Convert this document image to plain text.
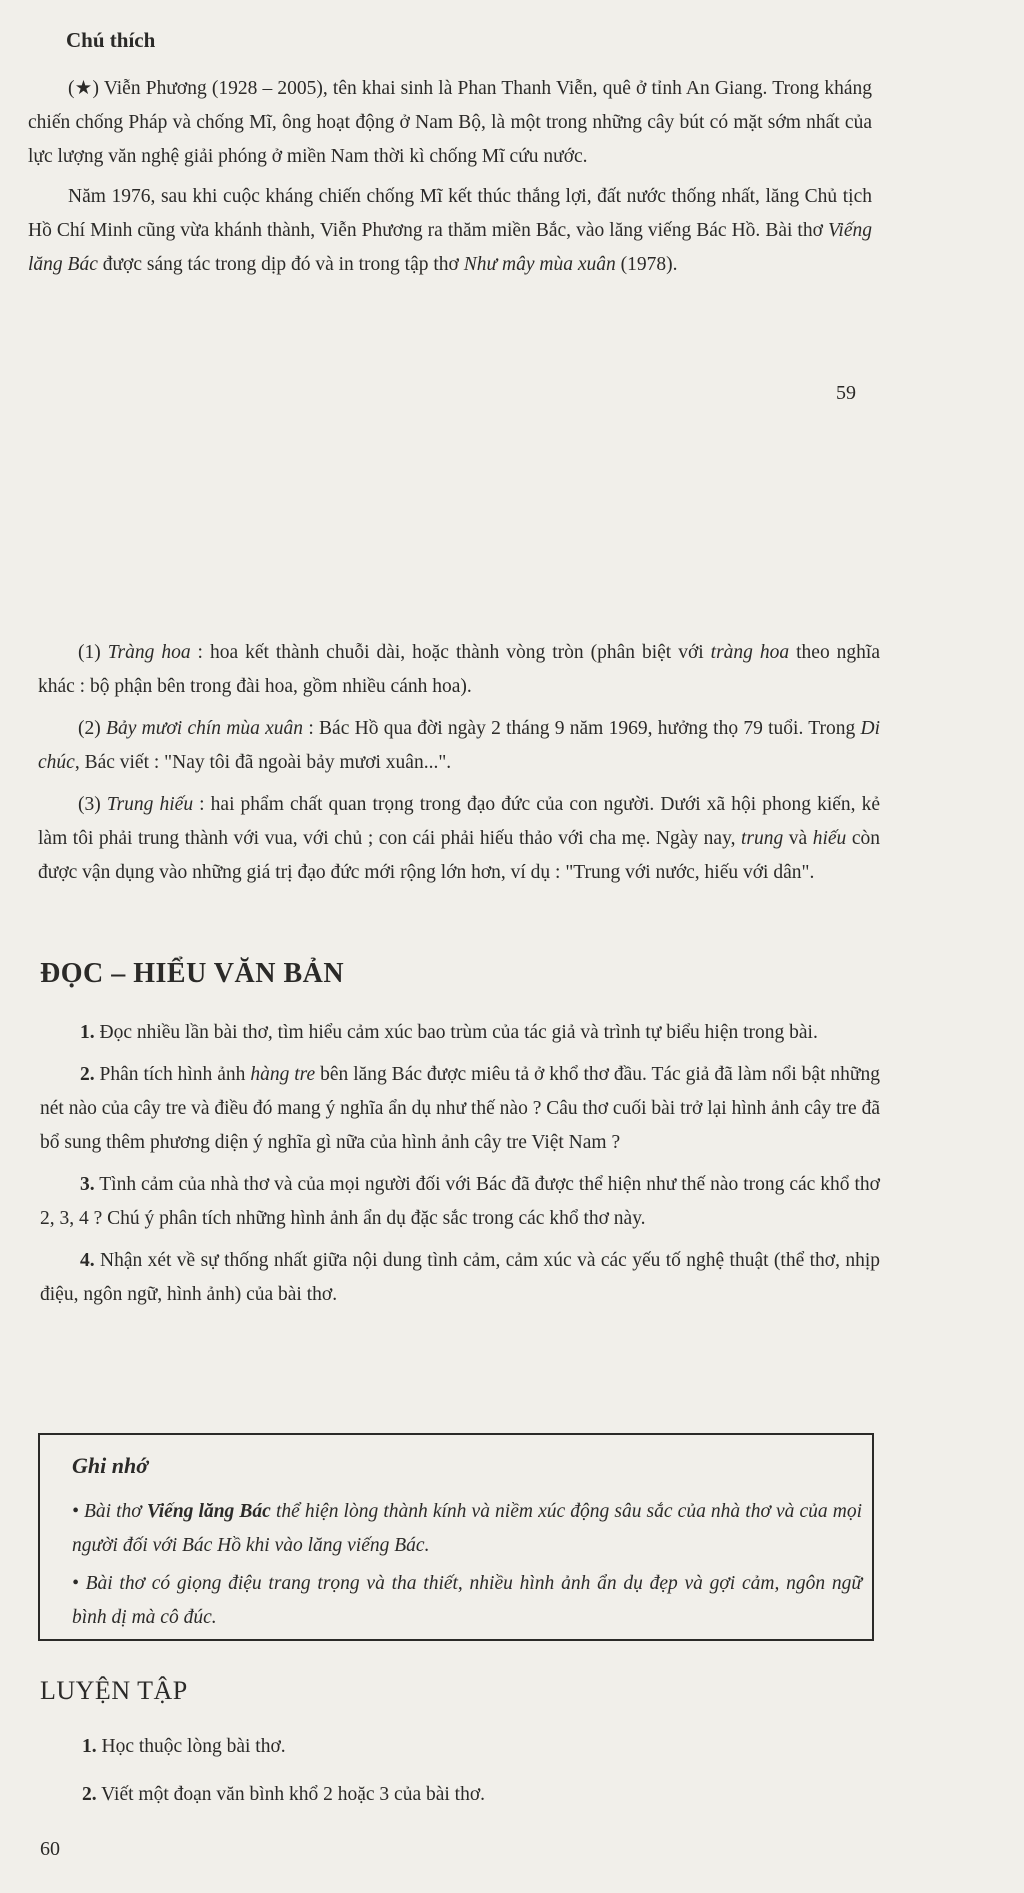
Chú thích

(★) Viễn Phương (1928 – 2005), tên khai sinh là Phan Thanh Viễn, quê ở tỉnh An Giang. Trong kháng chiến chống Pháp và chống Mĩ, ông hoạt động ở Nam Bộ, là một trong những cây bút có mặt sớm nhất của lực lượng văn nghệ giải phóng ở miền Nam thời kì chống Mĩ cứu nước.

Năm 1976, sau khi cuộc kháng chiến chống Mĩ kết thúc thắng lợi, đất nước thống nhất, lăng Chủ tịch Hồ Chí Minh cũng vừa khánh thành, Viễn Phương ra thăm miền Bắc, vào lăng viếng Bác Hồ. Bài thơ Viếng lăng Bác được sáng tác trong dịp đó và in trong tập thơ Như mây mùa xuân (1978).

59

(1) Tràng hoa : hoa kết thành chuỗi dài, hoặc thành vòng tròn (phân biệt với tràng hoa theo nghĩa khác : bộ phận bên trong đài hoa, gồm nhiều cánh hoa).

(2) Bảy mươi chín mùa xuân : Bác Hồ qua đời ngày 2 tháng 9 năm 1969, hưởng thọ 79 tuổi. Trong Di chúc, Bác viết : "Nay tôi đã ngoài bảy mươi xuân...".

(3) Trung hiếu : hai phẩm chất quan trọng trong đạo đức của con người. Dưới xã hội phong kiến, kẻ làm tôi phải trung thành với vua, với chủ ; con cái phải hiếu thảo với cha mẹ. Ngày nay, trung và hiếu còn được vận dụng vào những giá trị đạo đức mới rộng lớn hơn, ví dụ : "Trung với nước, hiếu với dân".

ĐỌC – HIỂU VĂN BẢN

1. Đọc nhiều lần bài thơ, tìm hiểu cảm xúc bao trùm của tác giả và trình tự biểu hiện trong bài.

2. Phân tích hình ảnh hàng tre bên lăng Bác được miêu tả ở khổ thơ đầu. Tác giả đã làm nổi bật những nét nào của cây tre và điều đó mang ý nghĩa ẩn dụ như thế nào ? Câu thơ cuối bài trở lại hình ảnh cây tre đã bổ sung thêm phương diện ý nghĩa gì nữa của hình ảnh cây tre Việt Nam ?

3. Tình cảm của nhà thơ và của mọi người đối với Bác đã được thể hiện như thế nào trong các khổ thơ 2, 3, 4 ? Chú ý phân tích những hình ảnh ẩn dụ đặc sắc trong các khổ thơ này.

4. Nhận xét về sự thống nhất giữa nội dung tình cảm, cảm xúc và các yếu tố nghệ thuật (thể thơ, nhịp điệu, ngôn ngữ, hình ảnh) của bài thơ.

Ghi nhớ
• Bài thơ Viếng lăng Bác thể hiện lòng thành kính và niềm xúc động sâu sắc của nhà thơ và của mọi người đối với Bác Hồ khi vào lăng viếng Bác.
• Bài thơ có giọng điệu trang trọng và tha thiết, nhiều hình ảnh ẩn dụ đẹp và gợi cảm, ngôn ngữ bình dị mà cô đúc.
LUYỆN TẬP
1. Học thuộc lòng bài thơ.
2. Viết một đoạn văn bình khổ 2 hoặc 3 của bài thơ.
60
